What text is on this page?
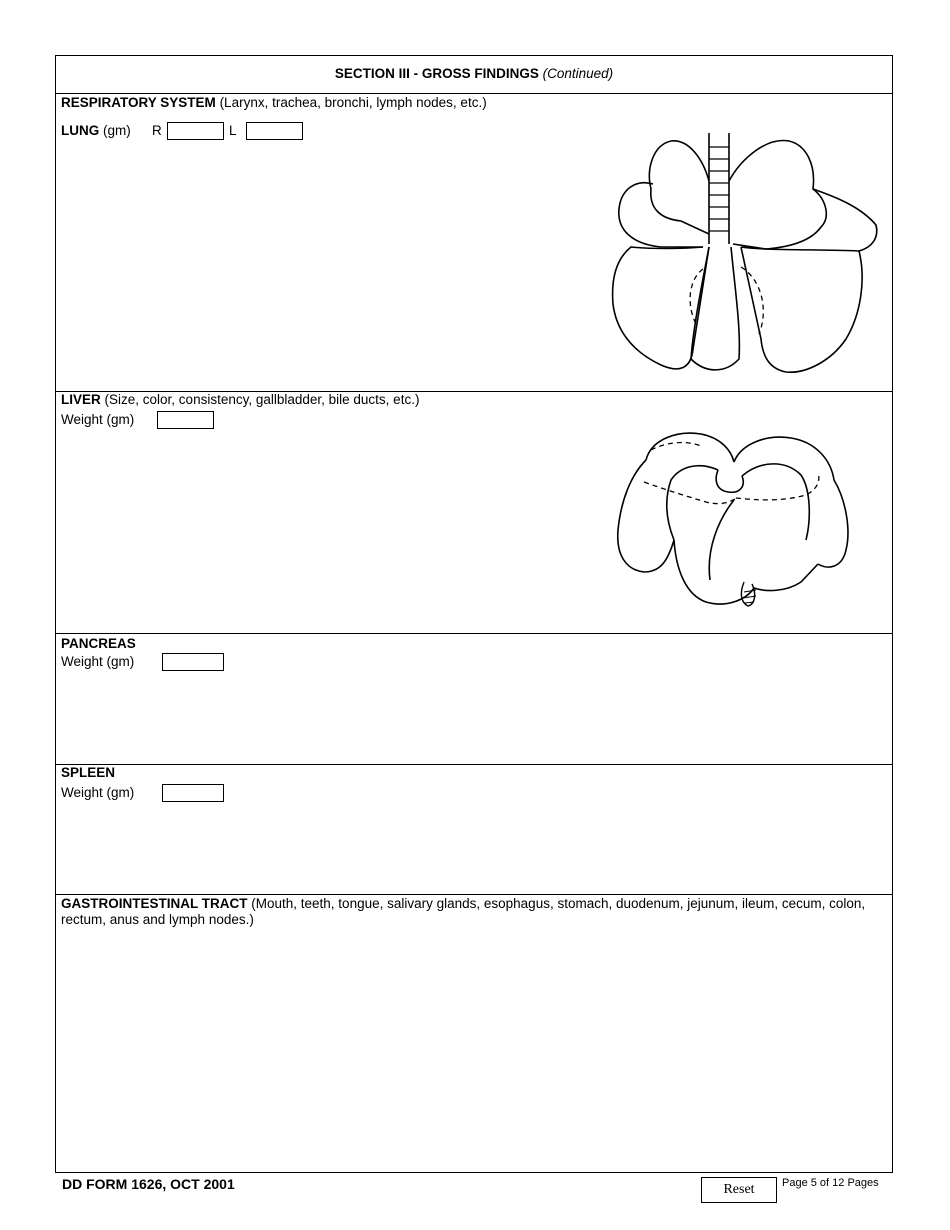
SECTION III - GROSS FINDINGS (Continued)
RESPIRATORY SYSTEM (Larynx, trachea, bronchi, lymph nodes, etc.)
LUNG (gm) R	L
LIVER (Size, color, consistency, gallbladder, bile ducts, etc.)
Weight (gm)
PANCREAS
Weight (gm)
SPLEEN
Weight (gm)
GASTROINTESTINAL TRACT (Mouth, teeth, tongue, salivary glands, esophagus, stomach, duodenum, jejunum, ileum, cecum, colon, rectum, anus and lymph nodes.)
DD FORM 1626, OCT 2001	Reset	Page 5 of 12 Pages
